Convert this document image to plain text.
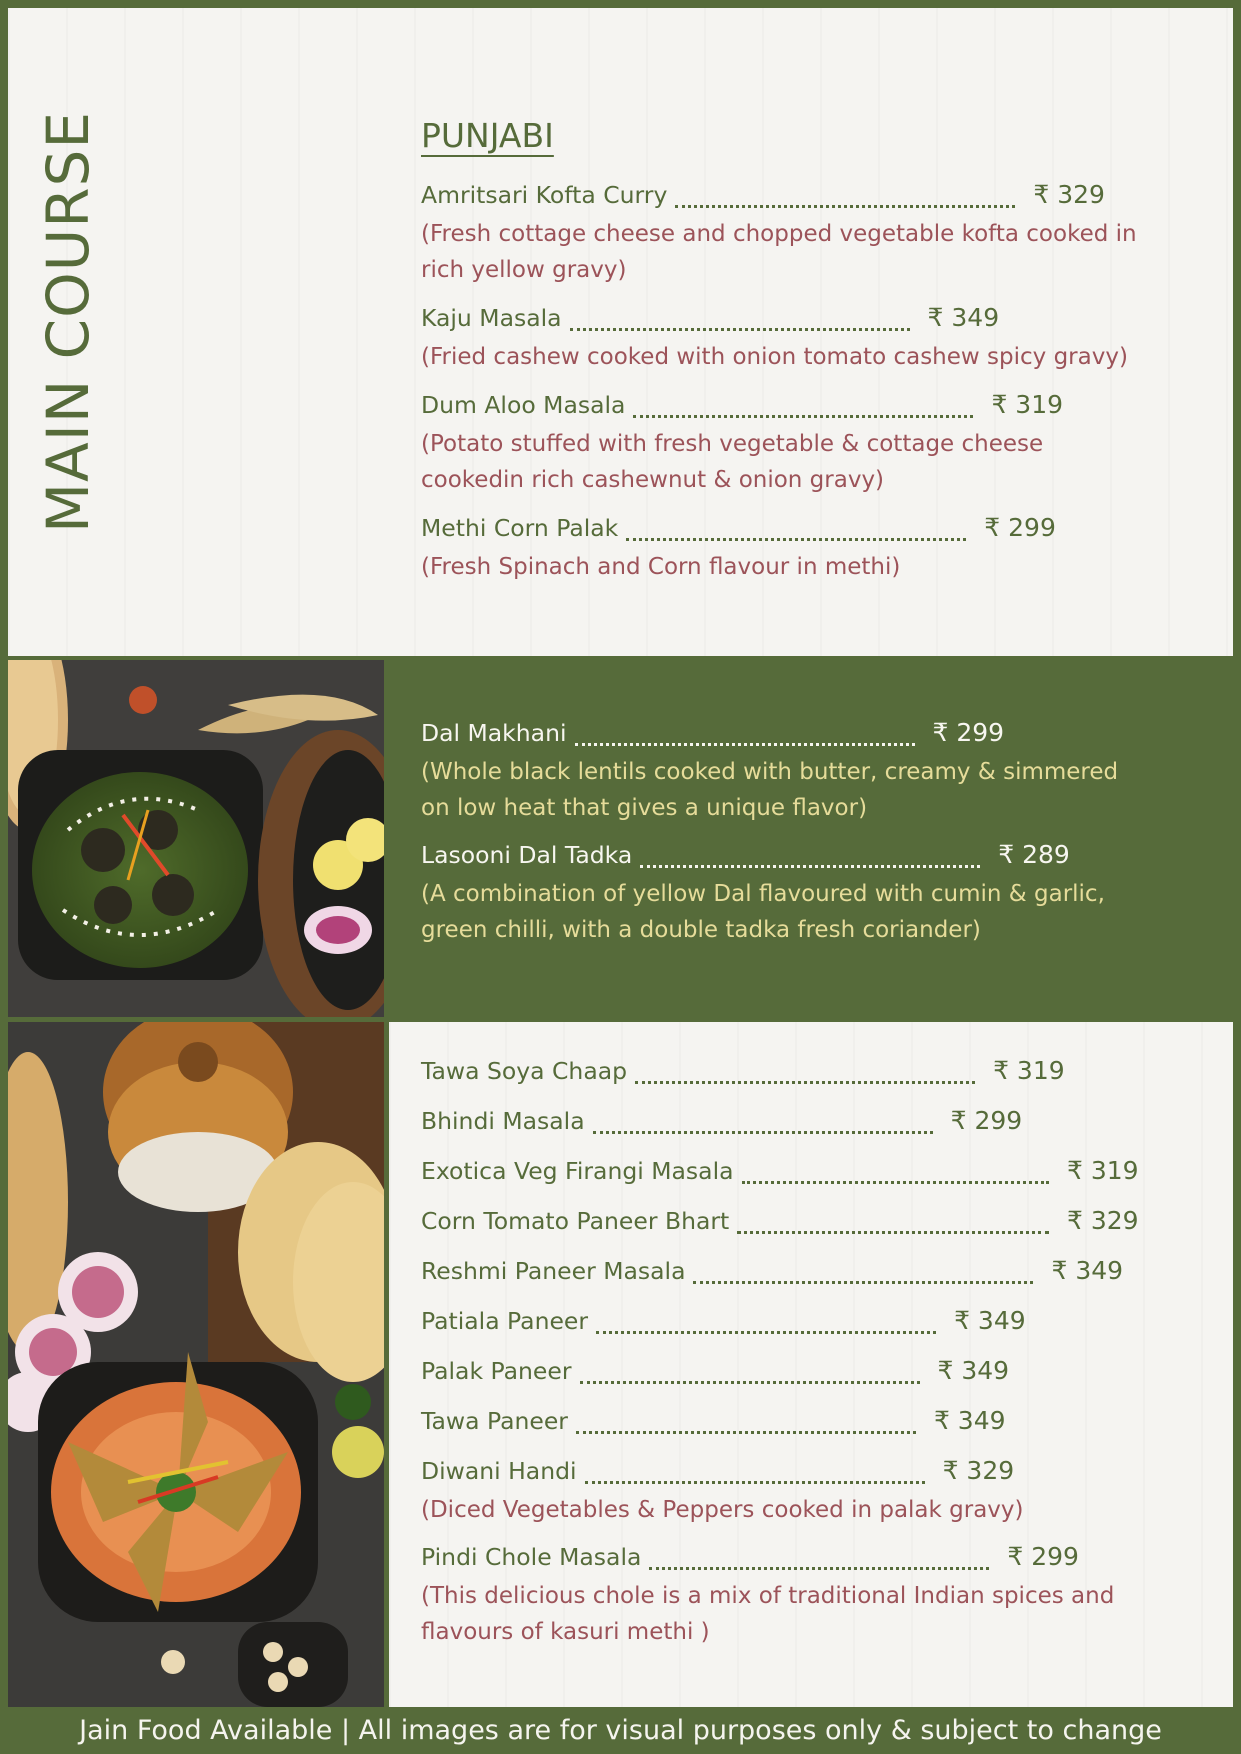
MAIN COURSE	PUNJABI
Amritsari Kofta Curry	₹ 329
(Fresh cottage cheese and chopped vegetable kofta cooked in rich yellow gravy)
Kaju Masala	₹ 349
(Fried cashew cooked with onion tomato cashew spicy gravy)
Dum Aloo Masala	₹ 319
(Potato stuffed with fresh vegetable & cottage cheese cookedin rich cashewnut & onion gravy)
Methi Corn Palak	₹ 299
(Fresh Spinach and Corn flavour in methi)
Dal Makhani	₹ 299
(Whole black lentils cooked with butter, creamy & simmered on low heat that gives a unique flavor)
Lasooni Dal Tadka	₹ 289
(A combination of yellow Dal flavoured with cumin & garlic, green chilli, with a double tadka fresh coriander)
Tawa Soya Chaap	₹ 319
Bhindi Masala	₹ 299
Exotica Veg Firangi Masala	₹ 319
Corn Tomato Paneer Bhart	₹ 329
Reshmi Paneer Masala	₹ 349
Patiala Paneer	₹ 349
Palak Paneer	₹ 349
Tawa Paneer	₹ 349
Diwani Handi	₹ 329
(Diced Vegetables & Peppers cooked in palak gravy)
Pindi Chole Masala	₹ 299
(This delicious chole is a mix of traditional Indian spices and flavours of kasuri methi )
Jain Food Available | All images are for visual purposes only & subject to change
